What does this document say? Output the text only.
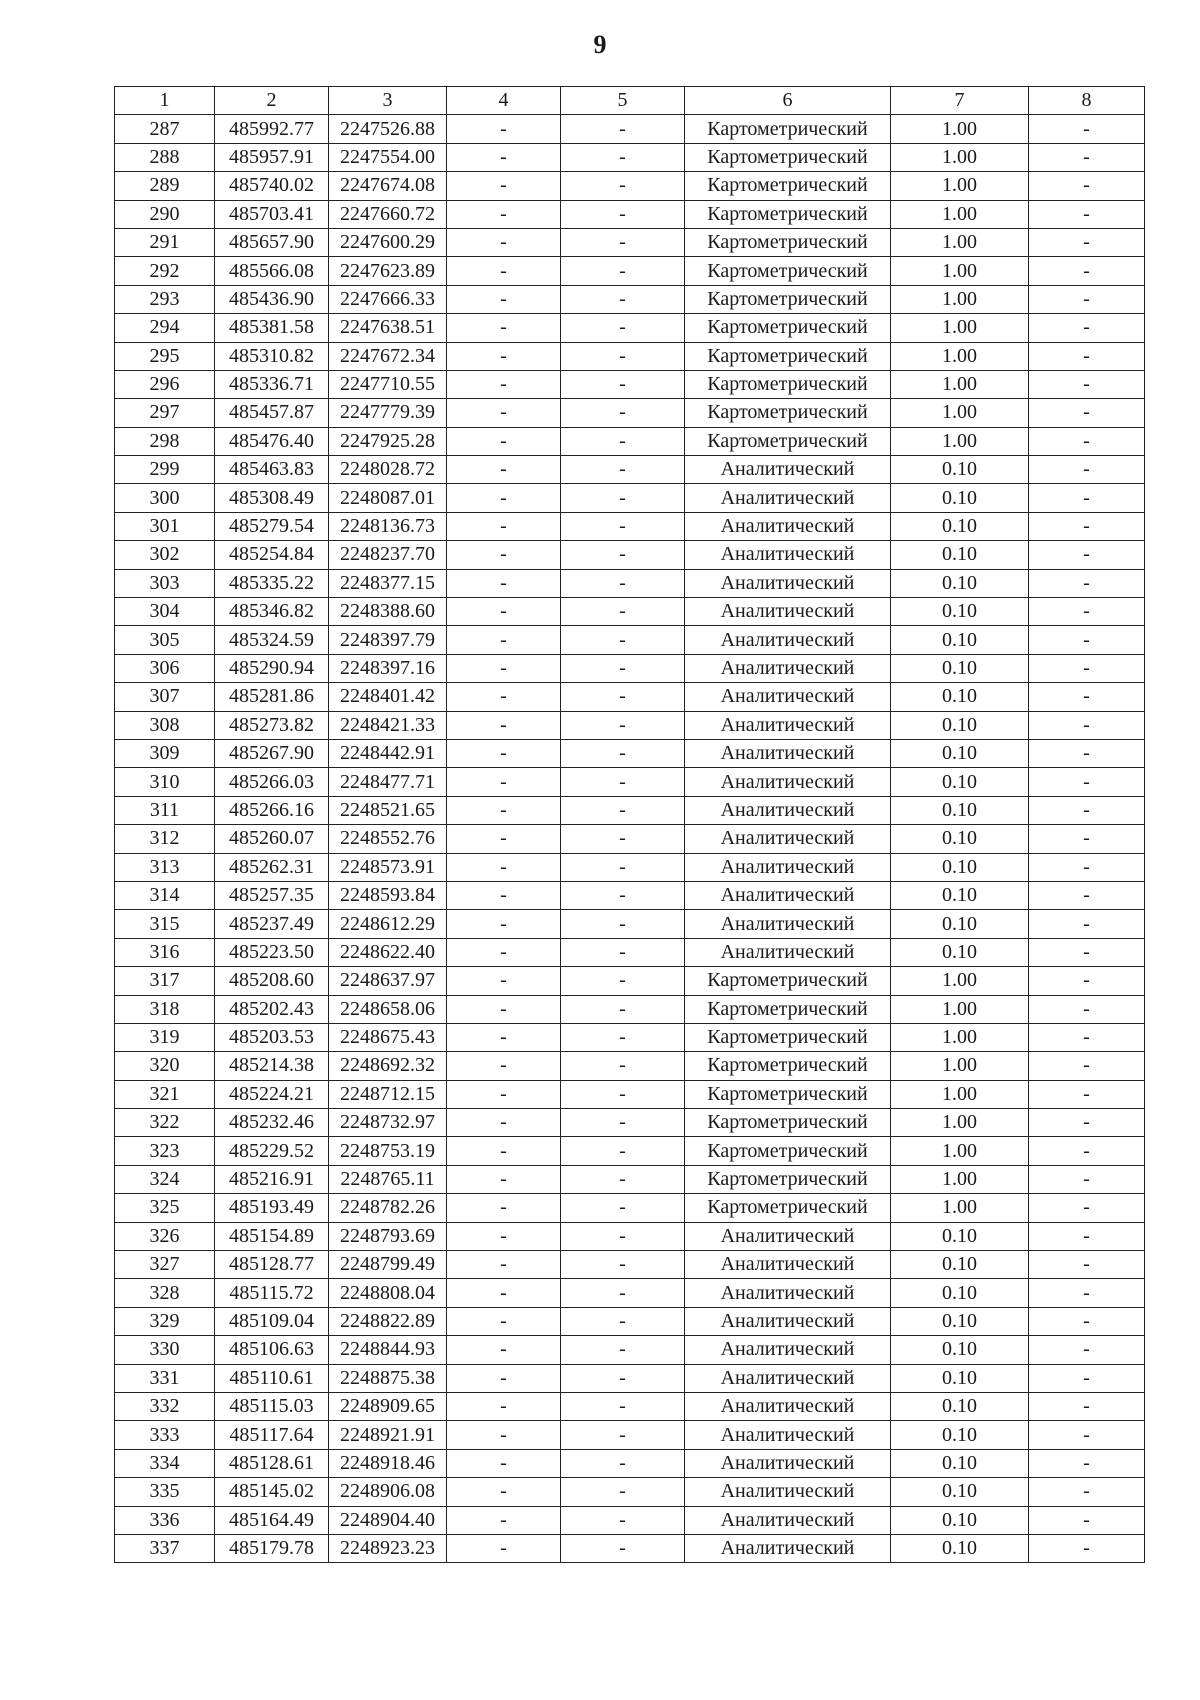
9
1	2	3	4	5	6	7	8
287	485992.77	2247526.88	-	-	Картометрический	1.00	-
288	485957.91	2247554.00	-	-	Картометрический	1.00	-
289	485740.02	2247674.08	-	-	Картометрический	1.00	-
290	485703.41	2247660.72	-	-	Картометрический	1.00	-
291	485657.90	2247600.29	-	-	Картометрический	1.00	-
292	485566.08	2247623.89	-	-	Картометрический	1.00	-
293	485436.90	2247666.33	-	-	Картометрический	1.00	-
294	485381.58	2247638.51	-	-	Картометрический	1.00	-
295	485310.82	2247672.34	-	-	Картометрический	1.00	-
296	485336.71	2247710.55	-	-	Картометрический	1.00	-
297	485457.87	2247779.39	-	-	Картометрический	1.00	-
298	485476.40	2247925.28	-	-	Картометрический	1.00	-
299	485463.83	2248028.72	-	-	Аналитический	0.10	-
300	485308.49	2248087.01	-	-	Аналитический	0.10	-
301	485279.54	2248136.73	-	-	Аналитический	0.10	-
302	485254.84	2248237.70	-	-	Аналитический	0.10	-
303	485335.22	2248377.15	-	-	Аналитический	0.10	-
304	485346.82	2248388.60	-	-	Аналитический	0.10	-
305	485324.59	2248397.79	-	-	Аналитический	0.10	-
306	485290.94	2248397.16	-	-	Аналитический	0.10	-
307	485281.86	2248401.42	-	-	Аналитический	0.10	-
308	485273.82	2248421.33	-	-	Аналитический	0.10	-
309	485267.90	2248442.91	-	-	Аналитический	0.10	-
310	485266.03	2248477.71	-	-	Аналитический	0.10	-
311	485266.16	2248521.65	-	-	Аналитический	0.10	-
312	485260.07	2248552.76	-	-	Аналитический	0.10	-
313	485262.31	2248573.91	-	-	Аналитический	0.10	-
314	485257.35	2248593.84	-	-	Аналитический	0.10	-
315	485237.49	2248612.29	-	-	Аналитический	0.10	-
316	485223.50	2248622.40	-	-	Аналитический	0.10	-
317	485208.60	2248637.97	-	-	Картометрический	1.00	-
318	485202.43	2248658.06	-	-	Картометрический	1.00	-
319	485203.53	2248675.43	-	-	Картометрический	1.00	-
320	485214.38	2248692.32	-	-	Картометрический	1.00	-
321	485224.21	2248712.15	-	-	Картометрический	1.00	-
322	485232.46	2248732.97	-	-	Картометрический	1.00	-
323	485229.52	2248753.19	-	-	Картометрический	1.00	-
324	485216.91	2248765.11	-	-	Картометрический	1.00	-
325	485193.49	2248782.26	-	-	Картометрический	1.00	-
326	485154.89	2248793.69	-	-	Аналитический	0.10	-
327	485128.77	2248799.49	-	-	Аналитический	0.10	-
328	485115.72	2248808.04	-	-	Аналитический	0.10	-
329	485109.04	2248822.89	-	-	Аналитический	0.10	-
330	485106.63	2248844.93	-	-	Аналитический	0.10	-
331	485110.61	2248875.38	-	-	Аналитический	0.10	-
332	485115.03	2248909.65	-	-	Аналитический	0.10	-
333	485117.64	2248921.91	-	-	Аналитический	0.10	-
334	485128.61	2248918.46	-	-	Аналитический	0.10	-
335	485145.02	2248906.08	-	-	Аналитический	0.10	-
336	485164.49	2248904.40	-	-	Аналитический	0.10	-
337	485179.78	2248923.23	-	-	Аналитический	0.10	-
